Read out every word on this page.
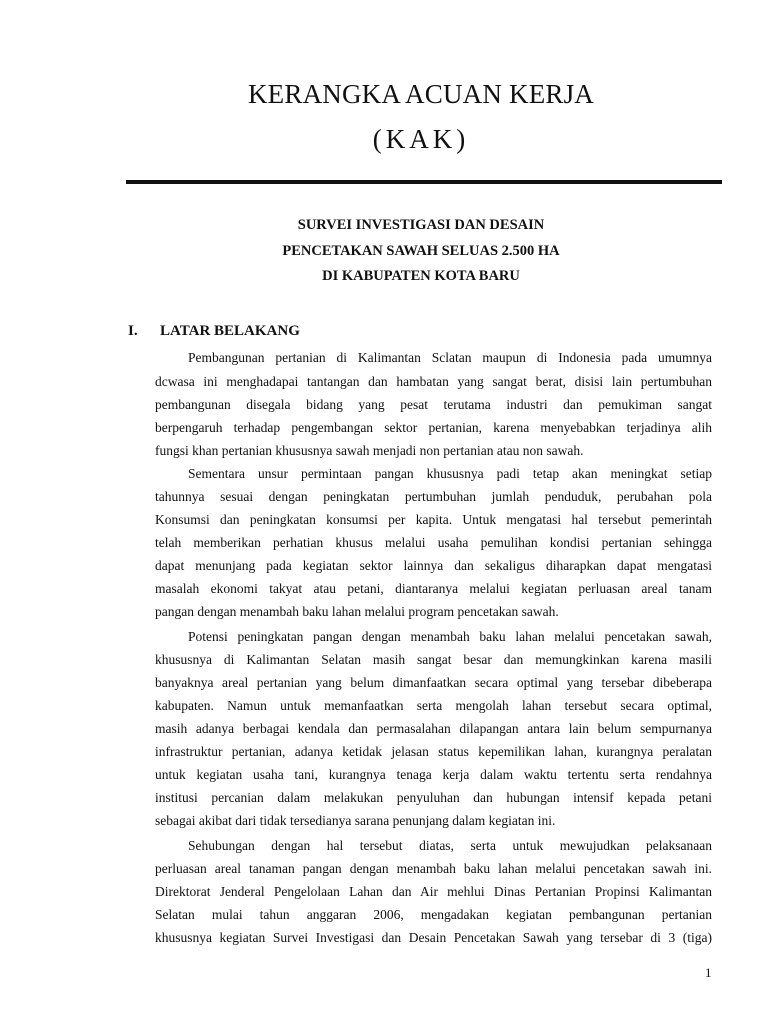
KERANGKA ACUAN KERJA
(KAK)

SURVEI INVESTIGASI DAN DESAIN

PENCETAKAN SAWAH SELUAS 2.500 HA

DI KABUPATEN KOTA BARU

I. LATAR BELAKANG
Pembangunan pertanian di Kalimantan Sclatan maupun di Indonesia pada umumnya
dcwasa ini menghadapai tantangan dan hambatan yang sangat berat, disisi lain pertumbuhan
pembangunan disegala bidang yang pesat terutama industri dan pemukiman sangat
berpengaruh terhadap pengembangan sektor pertanian, karena menyebabkan terjadinya alih
fungsi khan pertanian khususnya sawah menjadi non pertanian atau non sawah.
Sementara unsur permintaan pangan khususnya padi tetap akan meningkat setiap
tahunnya sesuai dengan peningkatan pertumbuhan jumlah penduduk, perubahan pola
Konsumsi dan peningkatan konsumsi per kapita. Untuk mengatasi hal tersebut pemerintah
telah memberikan perhatian khusus melalui usaha pemulihan kondisi pertanian sehingga
dapat menunjang pada kegiatan sektor lainnya dan sekaligus diharapkan dapat mengatasi
masalah ekonomi takyat atau petani, diantaranya melalui kegiatan perluasan areal tanam
pangan dengan menambah baku lahan melalui program pencetakan sawah.
Potensi peningkatan pangan dengan menambah baku lahan melalui pencetakan sawah,
khususnya di Kalimantan Selatan masih sangat besar dan memungkinkan karena masili
banyaknya areal pertanian yang belum dimanfaatkan secara optimal yang tersebar dibeberapa
kabupaten. Namun untuk memanfaatkan serta mengolah lahan tersebut secara optimal,
masih adanya berbagai kendala dan permasalahan dilapangan antara lain belum sempurnanya
infrastruktur pertanian, adanya ketidak jelasan status kepemilikan lahan, kurangnya peralatan
untuk kegiatan usaha tani, kurangnya tenaga kerja dalam waktu tertentu serta rendahnya
institusi percanian dalam melakukan penyuluhan dan hubungan intensif kepada petani
sebagai akibat dari tidak tersedianya sarana penunjang dalam kegiatan ini.
Sehubungan dengan hal tersebut diatas, serta untuk mewujudkan pelaksanaan
perluasan areal tanaman pangan dengan menambah baku lahan melalui pencetakan sawah ini.
Direktorat Jenderal Pengelolaan Lahan dan Air mehlui Dinas Pertanian Propinsi Kalimantan
Selatan mulai tahun anggaran 2006, mengadakan kegiatan pembangunan pertanian
khususnya kegiatan Survei Investigasi dan Desain Pencetakan Sawah yang tersebar di 3 (tiga)
1
